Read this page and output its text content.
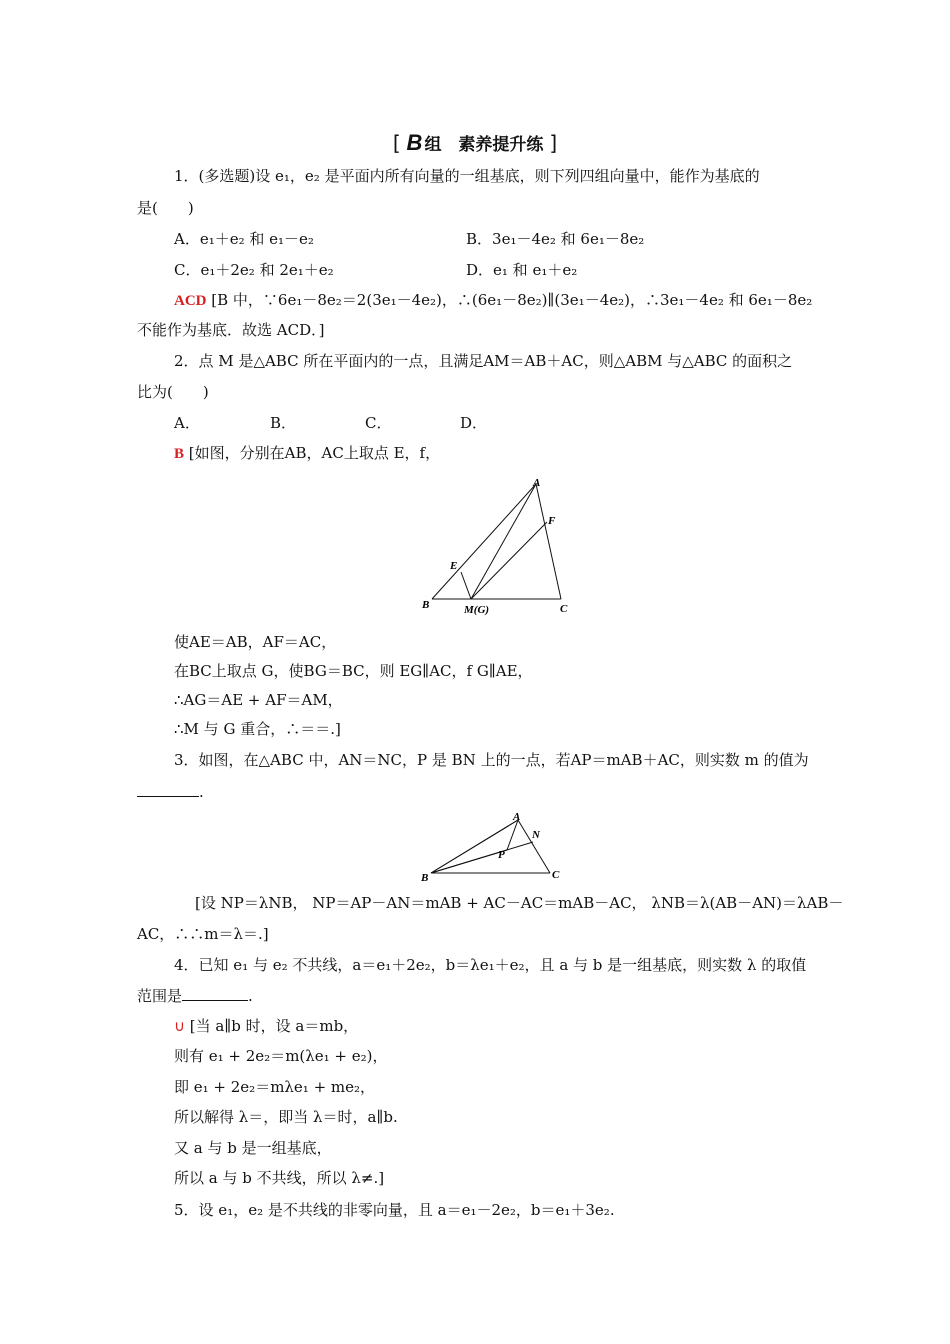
[ B 组　素养提升练 ]
1．(多选题)设 e₁，e₂ 是平面内所有向量的一组基底，则下列四组向量中，能作为基底的
是(　　)
A．e₁＋e₂ 和 e₁－e₂	B．3e₁－4e₂ 和 6e₁－8e₂
C．e₁＋2e₂ 和 2e₁＋e₂	D．e₁ 和 e₁＋e₂
ACD [B 中，∵6e₁－8e₂＝2(3e₁－4e₂)，∴(6e₁－8e₂)∥(3e₁－4e₂)，∴3e₁－4e₂ 和 6e₁－8e₂
不能作为基底．故选 ACD．]
2．点 M 是△ABC 所在平面内的一点，且满足AM＝AB＋AC，则△ABM 与△ABC 的面积之
比为(　　)
A．	B．	C．	D．
B [如图，分别在AB，AC上取点 E，f，
A
B	C
E
F
M(G)
使AE＝AB，AF＝AC，
在BC上取点 G，使BG＝BC，则 EG∥AC，f G∥AE，
∴AG＝AE + AF＝AM，
∴M 与 G 重合，∴＝＝.]
3．如图，在△ABC 中，AN＝NC，P 是 BN 上的一点，若AP＝mAB＋AC，则实数 m 的值为
.
A
B	C
N
P
[设 NP＝λNB， NP＝AP－AN＝mAB + AC－AC＝mAB－AC， λNB＝λ(AB－AN)＝λAB－
AC，∴∴m＝λ＝.]
4．已知 e₁ 与 e₂ 不共线，a＝e₁＋2e₂，b＝λe₁＋e₂，且 a 与 b 是一组基底，则实数 λ 的取值
范围是	.
∪ [当 a∥b 时，设 a＝mb，
则有 e₁ + 2e₂＝m(λe₁ + e₂)，
即 e₁ + 2e₂＝mλe₁ + me₂，
所以解得 λ＝，即当 λ＝时，a∥b.
又 a 与 b 是一组基底，
所以 a 与 b 不共线，所以 λ≠.]
5．设 e₁，e₂ 是不共线的非零向量，且 a＝e₁－2e₂，b＝e₁＋3e₂.
